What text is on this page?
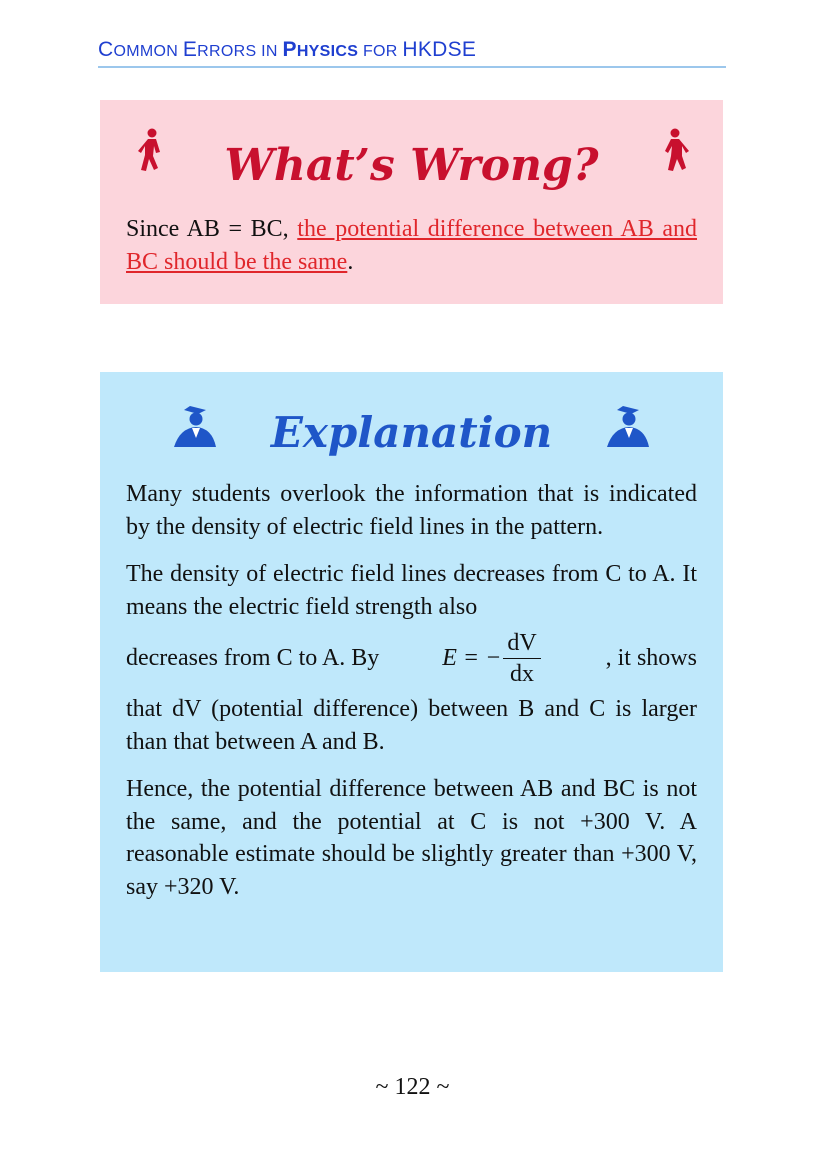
COMMON ERRORS IN PHYSICS FOR HKDSE
What’s Wrong?
Since AB = BC, the potential difference between AB and BC should be the same.
Explanation

Many students overlook the information that is indicated by the density of electric field lines in the pattern.

The density of electric field lines decreases from C to A. It means the electric field strength also
decreases from C to A. By	E = − $\frac{dV}{dx}$	, it shows
that dV (potential difference) between B and C is larger than that between A and B.

Hence, the potential difference between AB and BC is not the same, and the potential at C is not +300 V. A reasonable estimate should be slightly greater than +300 V, say +320 V.

~ 122 ~
